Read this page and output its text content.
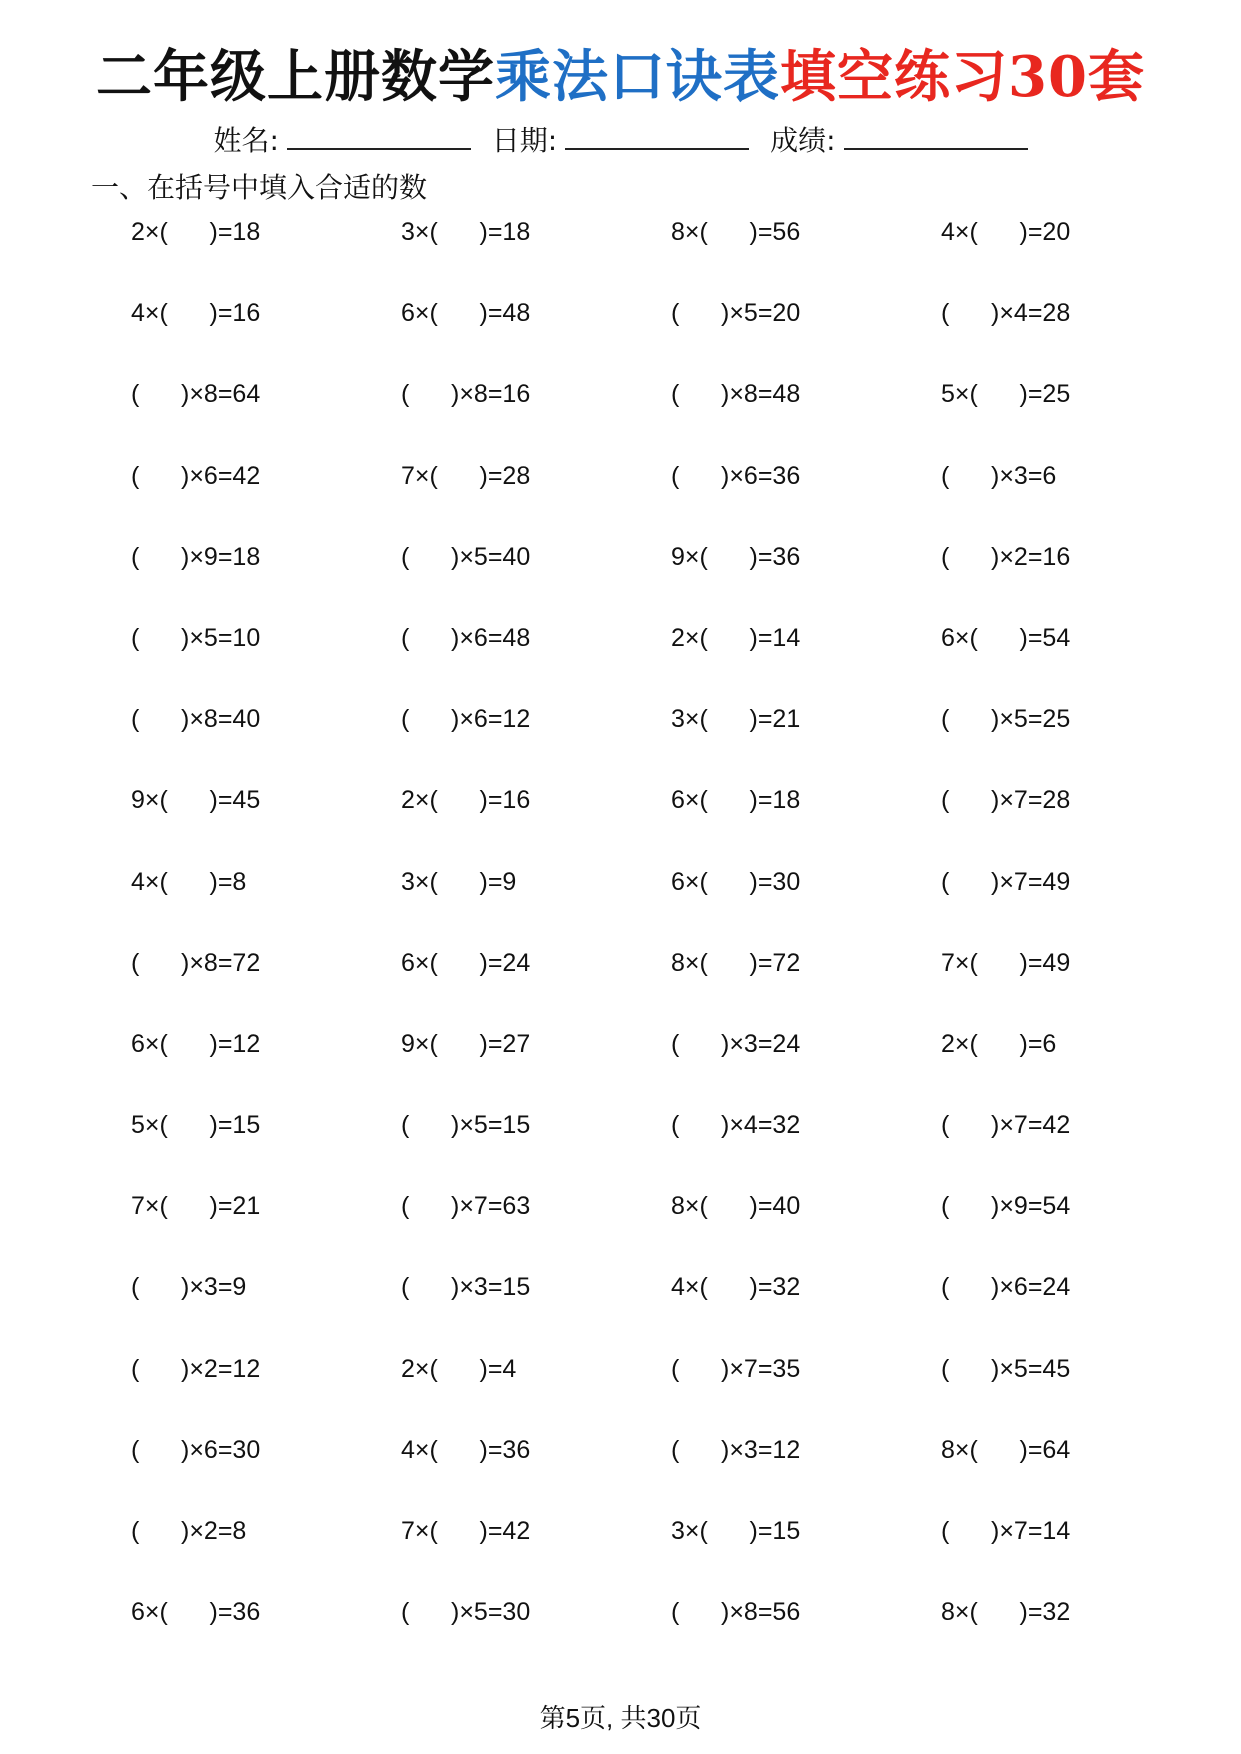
二年级上册数学乘法口诀表填空练习30套
姓名:	日期:	成绩:
一、在括号中填入合适的数
2×(      )=18	3×(      )=18	8×(      )=56	4×(      )=20
4×(      )=16	6×(      )=48	(      )×5=20	(      )×4=28
(      )×8=64	(      )×8=16	(      )×8=48	5×(      )=25
(      )×6=42	7×(      )=28	(      )×6=36	(      )×3=6
(      )×9=18	(      )×5=40	9×(      )=36	(      )×2=16
(      )×5=10	(      )×6=48	2×(      )=14	6×(      )=54
(      )×8=40	(      )×6=12	3×(      )=21	(      )×5=25
9×(      )=45	2×(      )=16	6×(      )=18	(      )×7=28
4×(      )=8	3×(      )=9	6×(      )=30	(      )×7=49
(      )×8=72	6×(      )=24	8×(      )=72	7×(      )=49
6×(      )=12	9×(      )=27	(      )×3=24	2×(      )=6
5×(      )=15	(      )×5=15	(      )×4=32	(      )×7=42
7×(      )=21	(      )×7=63	8×(      )=40	(      )×9=54
(      )×3=9	(      )×3=15	4×(      )=32	(      )×6=24
(      )×2=12	2×(      )=4	(      )×7=35	(      )×5=45
(      )×6=30	4×(      )=36	(      )×3=12	8×(      )=64
(      )×2=8	7×(      )=42	3×(      )=15	(      )×7=14
6×(      )=36	(      )×5=30	(      )×8=56	8×(      )=32
第5页, 共30页
